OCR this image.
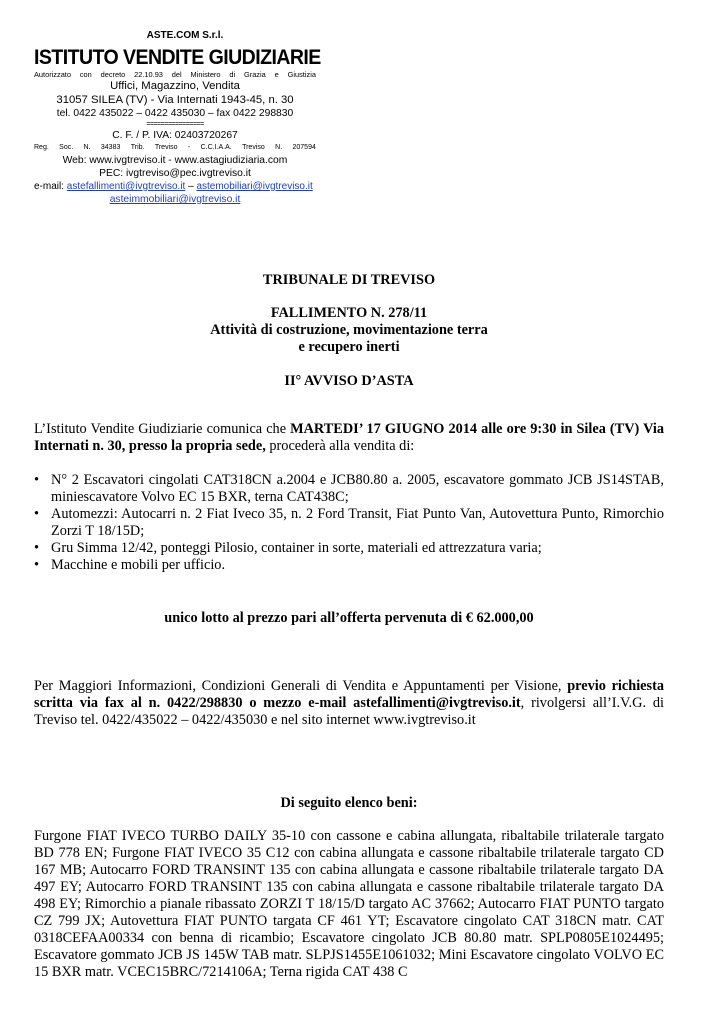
ASTE.COM S.r.l.
ISTITUTO VENDITE GIUDIZIARIE
Autorizzato con decreto 22.10.93 del Ministero di Grazia e Giustizia
Uffici, Magazzino, Vendita
31057 SILEA (TV) - Via Internati 1943-45, n. 30
tel. 0422 435022 – 0422 435030 – fax 0422 298830
================
C. F. / P. IVA: 02403720267
Reg. Soc. N. 34383 Trib. Treviso - C.C.I.A.A. Treviso N. 207594
Web: www.ivgtreviso.it - www.astagiudiziaria.com
PEC: ivgtreviso@pec.ivgtreviso.it
e-mail: astefallimenti@ivgtreviso.it – astemobiliari@ivgtreviso.it
asteimmobiliari@ivgtreviso.it
TRIBUNALE DI TREVISO
FALLIMENTO N. 278/11
Attività di costruzione, movimentazione terra
e recupero inerti
II° AVVISO D’ASTA
L’Istituto Vendite Giudiziarie comunica che MARTEDI’ 17 GIUGNO 2014 alle ore 9:30 in Silea (TV) Via Internati n. 30, presso la propria sede, procederà alla vendita di:
• N° 2 Escavatori cingolati CAT318CN a.2004 e JCB80.80 a. 2005, escavatore gommato JCB JS14STAB, miniescavatore Volvo EC 15 BXR, terna CAT438C;
• Automezzi: Autocarri n. 2 Fiat Iveco 35, n. 2 Ford Transit, Fiat Punto Van, Autovettura Punto, Rimorchio Zorzi T 18/15D;
• Gru Simma 12/42, ponteggi Pilosio, container in sorte, materiali ed attrezzatura varia;
• Macchine e mobili per ufficio.
unico lotto al prezzo pari all’offerta pervenuta di € 62.000,00
Per Maggiori Informazioni, Condizioni Generali di Vendita e Appuntamenti per Visione, previo richiesta scritta via fax al n. 0422/298830 o mezzo e-mail astefallimenti@ivgtreviso.it, rivolgersi all’I.V.G. di Treviso tel. 0422/435022 – 0422/435030 e nel sito internet www.ivgtreviso.it
Di seguito elenco beni:
Furgone FIAT IVECO TURBO DAILY 35-10 con cassone e cabina allungata, ribaltabile trilaterale targato BD 778 EN; Furgone FIAT IVECO 35 C12 con cabina allungata e cassone ribaltabile trilaterale targato CD 167 MB; Autocarro FORD TRANSINT 135 con cabina allungata e cassone ribaltabile trilaterale targato DA 497 EY; Autocarro FORD TRANSINT 135 con cabina allungata e cassone ribaltabile trilaterale targato DA 498 EY; Rimorchio a pianale ribassato ZORZI T 18/15/D targato AC 37662; Autocarro FIAT PUNTO targato CZ 799 JX; Autovettura FIAT PUNTO targata CF 461 YT; Escavatore cingolato CAT 318CN matr. CAT 0318CEFAA00334 con benna di ricambio; Escavatore cingolato JCB 80.80 matr. SPLP0805E1024495; Escavatore gommato JCB JS 145W TAB matr. SLPJS1455E1061032; Mini Escavatore cingolato VOLVO EC 15 BXR matr. VCEC15BRC/7214106A; Terna rigida CAT 438 C
